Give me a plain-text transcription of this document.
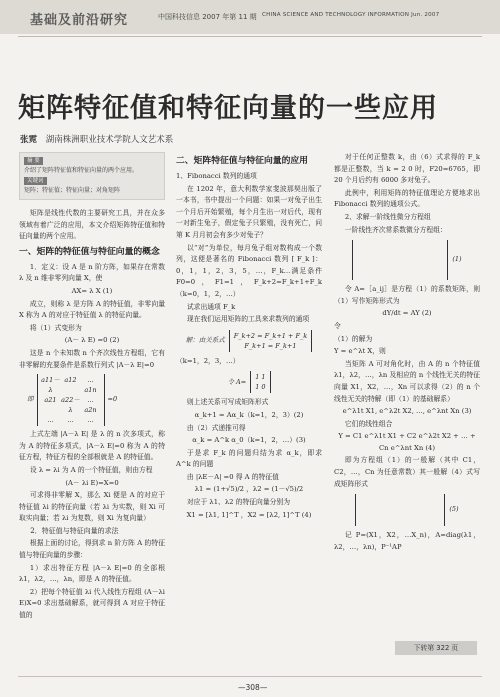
基础及前沿研究	中国科技信息 2007 年第 11 期 CHINA SCIENCE AND TECHNOLOGY INFORMATION Jun. 2007
矩阵特征值和特征向量的一些应用
张霓 湖南株洲职业技术学院人文艺术系
摘 要
介绍了矩阵特征值和特征向量的两个应用。
关键词
矩阵；特征值；特征向量；对角矩阵

矩阵是线性代数的主要研究工具，并在众多领域有着广泛的应用，本文介绍矩阵特征值和特征向量的两个应用。

一、矩阵的特征值与特征向量的概念

1．定义：设 A 是 n 阶方阵，如果存在常数 λ 及 n 维非零列向量 X，使

AX= λ X (1)

成立，则称 λ 是方阵 A 的特征值，非零向量 X 称为 A 的对应于特征值 λ 的特征向量。

将（1）式变形为

(A－ λ E) =0 (2)

这是 n 个未知数 n 个齐次线性方程组，它有非零解的充要条件是系数行列式 |A－λ E|=0

即
a11－λ
a12	… a1n
a21 a22－λ
… a2n
…	…	…
=0

上式左端 |A－λ E| 是 λ 的 n 次多项式，称为 A 的特征多项式，|A－λ E|=0 称为 A 的特征方程，特征方程的全部根就是 A 的特征值。

设 λ = λi 为 A 的一个特征值，则由方程

(A－ λi E)=X=0

可求得非零解 X，那么 Xi 便是 A 的对应于特征值 λi 的特征向量（若 λi 为实数，则 Xi 可取实向量；若 λi 为复数，则 Xi 为复向量）

2．特征值与特征向量的求法

根据上面的讨论，得到求 n 阶方阵 A 的特征值与特征向量的步骤：

1）求出特征方程 |A－λ E|=0 的全部根 λ1，λ2，…，λn，即是 A 的特征值。

2）把每个特征值 λi 代入线性方程组 (A－λi E)X=0 求出基础解系，就可得到 A 对应于特征值的

二、矩阵特征值与特征向量的应用

1、Fibonacci 数列的通项

在 1202 年，意大利数学家斐波那契出版了一本书，书中提出一个问题：如果一对兔子出生一个月后开始繁殖，每个月生出一对后代，现有一对新生兔子，假定兔子只繁殖，没有死亡，问第 K 月月初会有多少对兔子？

以“对”为单位，每月兔子组对数构成一个数列，这便是著名的 Fibonacci 数列 [ F_k ]：0，1，1，2，3，5，…，F_k…满足条件 F0=0，F1=1，F_k+2=F_k+1+F_k（k=0，1，2，…）

试求出通项 F_k

现在我们运用矩阵的工具来求数列的通项

解：由关系式
F_k+2 = F_k+1 + F_k
F_k+1 = F_k+1

（k=1，2，3，…）

令 A=
1 1
1 0

则上述关系可写成矩阵形式

α_k+1 = Aα_k（k=1，2，3）(2)

由（2）式递推可得

α_k = A^k α_0（k=1，2，…）(3)

于是求 F_k 的问题归结为求 α_k，即求 A^k 的问题

由 |λE－A| =0 得 A 的特征值

λ1 = (1+√5)/2 ，λ2 = (1－√5)/2

对应于 λ1、λ2 的特征向量分别为

X1 = [λ1, 1]^T ，X2 = [λ2, 1]^T (4)

对于任何正整数 k，由（6）式求得的 F_k 都是正整数，当 k = 2 0 时，F20=6765，即 20 个月后约有 6000 多对兔子。

此例中，利用矩阵的特征值理论方便地求出 Fibonacci 数列的通项公式。

2、求解一阶线性微分方程组

一阶线性齐次常系数微分方程组：

(1)

令 A=［a_ij］是方程（1）的系数矩阵，则（1）写作矩阵形式为

dY/dt = AY (2)

令

（1）的解为

Y = e^λt X，则

当矩阵 A 可对角化时，由 A 的 n 个特征值 λ1，λ2，…，λn 及相应的 n 个线性无关的特征向量 X1，X2，…，Xn 可以求得（2）的 n 个线性无关的特解（即（1）的基础解系）

e^λ1t X1, e^λ2t X2, …, e^λnt Xn (3)

它们的线性组合

Y = C1 e^λ1t X1 + C2 e^λ2t X2 + … + Cn e^λnt Xn (4)

即为方程组（1）的一般解（其中 C1，C2，…，Cn 为任意常数）其一般解（4）式写成矩阵形式

(5)

记 P=(X1，X2，…X_n)，A=diag(λ1，λ2，…，λn)，P⁻¹AP

下转第 322 页
—308—
